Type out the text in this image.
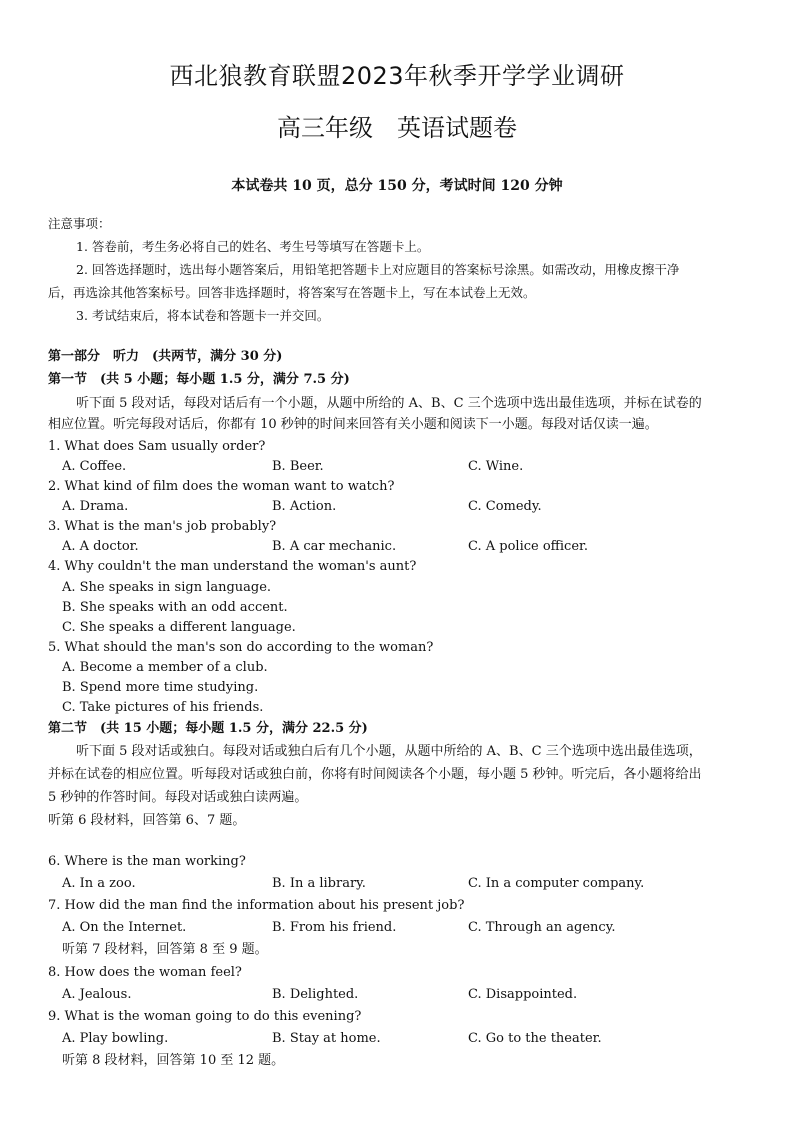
西北狼教育联盟2023年秋季开学学业调研
高三年级　英语试题卷
本试卷共 10 页，总分 150 分，考试时间 120 分钟
注意事项：
1. 答卷前，考生务必将自己的姓名、考生号等填写在答题卡上。
2. 回答选择题时，选出每小题答案后，用铅笔把答题卡上对应题目的答案标号涂黑。如需改动，用橡皮擦干净
后，再选涂其他答案标号。回答非选择题时，将答案写在答题卡上，写在本试卷上无效。
3. 考试结束后，将本试卷和答题卡一并交回。
第一部分　听力　(共两节，满分 30 分)
第一节　(共 5 小题；每小题 1.5 分，满分 7.5 分)
听下面 5 段对话，每段对话后有一个小题，从题中所给的 A、B、C 三个选项中选出最佳选项，并标在试卷的
相应位置。听完每段对话后，你都有 10 秒钟的时间来回答有关小题和阅读下一小题。每段对话仅读一遍。
1. What does Sam usually order?
A. Coffee.	B. Beer.	C. Wine.
2. What kind of film does the woman want to watch?
A. Drama.	B. Action.	C. Comedy.
3. What is the man's job probably?
A. A doctor.	B. A car mechanic.	C. A police officer.
4. Why couldn't the man understand the woman's aunt?
A. She speaks in sign language.
B. She speaks with an odd accent.
C. She speaks a different language.
5. What should the man's son do according to the woman?
A. Become a member of a club.
B. Spend more time studying.
C. Take pictures of his friends.
第二节　(共 15 小题；每小题 1.5 分，满分 22.5 分)
听下面 5 段对话或独白。每段对话或独白后有几个小题，从题中所给的 A、B、C 三个选项中选出最佳选项，
并标在试卷的相应位置。听每段对话或独白前，你将有时间阅读各个小题，每小题 5 秒钟。听完后，各小题将给出
5 秒钟的作答时间。每段对话或独白读两遍。
听第 6 段材料，回答第 6、7 题。
6. Where is the man working?
A. In a zoo.	B. In a library.	C. In a computer company.
7. How did the man find the information about his present job?
A. On the Internet.	B. From his friend.	C. Through an agency.
听第 7 段材料，回答第 8 至 9 题。
8. How does the woman feel?
A. Jealous.	B. Delighted.	C. Disappointed.
9. What is the woman going to do this evening?
A. Play bowling.	B. Stay at home.	C. Go to the theater.
听第 8 段材料，回答第 10 至 12 题。
